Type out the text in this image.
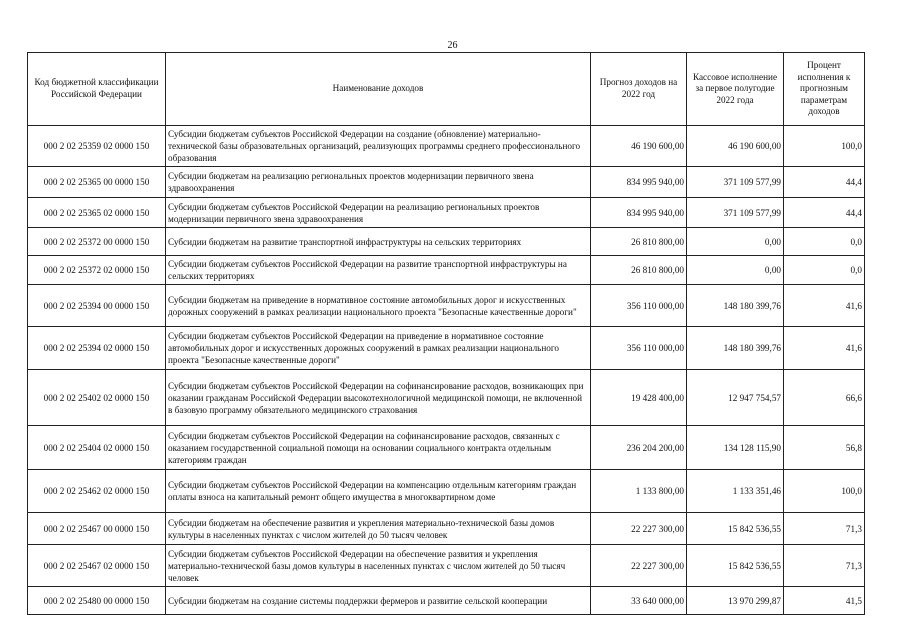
26
Код бюджетной классификации Российской Федерации	Наименование доходов	Прогноз доходов на 2022 год	Кассовое исполнение за первое полугодие 2022 года	Процент исполнения к прогнозным параметрам доходов
000 2 02 25359 02 0000 150	Субсидии бюджетам субъектов Российской Федерации на создание (обновление) материально-технической базы образовательных организаций, реализующих программы среднего профессионального образования	46 190 600,00	46 190 600,00	100,0
000 2 02 25365 00 0000 150	Субсидии бюджетам на реализацию региональных проектов модернизации первичного звена здравоохранения	834 995 940,00	371 109 577,99	44,4
000 2 02 25365 02 0000 150	Субсидии бюджетам субъектов Российской Федерации на реализацию региональных проектов модернизации первичного звена здравоохранения	834 995 940,00	371 109 577,99	44,4
000 2 02 25372 00 0000 150	Субсидии бюджетам на развитие транспортной инфраструктуры на сельских территориях	26 810 800,00	0,00	0,0
000 2 02 25372 02 0000 150	Субсидии бюджетам субъектов Российской Федерации на развитие транспортной инфраструктуры на сельских территориях	26 810 800,00	0,00	0,0
000 2 02 25394 00 0000 150	Субсидии бюджетам на приведение в нормативное состояние автомобильных дорог и искусственных дорожных сооружений в рамках реализации национального проекта "Безопасные качественные дороги"	356 110 000,00	148 180 399,76	41,6
000 2 02 25394 02 0000 150	Субсидии бюджетам субъектов Российской Федерации на приведение в нормативное состояние автомобильных дорог и искусственных дорожных сооружений в рамках реализации национального проекта "Безопасные качественные дороги"	356 110 000,00	148 180 399,76	41,6
000 2 02 25402 02 0000 150	Субсидии бюджетам субъектов Российской Федерации на софинансирование расходов, возникающих при оказании гражданам Российской Федерации высокотехнологичной медицинской помощи, не включенной в базовую программу обязательного медицинского страхования	19 428 400,00	12 947 754,57	66,6
000 2 02 25404 02 0000 150	Субсидии бюджетам субъектов Российской Федерации на софинансирование расходов, связанных с оказанием государственной социальной помощи на основании социального контракта отдельным категориям граждан	236 204 200,00	134 128 115,90	56,8
000 2 02 25462 02 0000 150	Субсидии бюджетам субъектов Российской Федерации на компенсацию отдельным категориям граждан оплаты взноса на капитальный ремонт общего имущества в многоквартирном доме	1 133 800,00	1 133 351,46	100,0
000 2 02 25467 00 0000 150	Субсидии бюджетам на обеспечение развития и укрепления материально-технической базы домов культуры в населенных пунктах с числом жителей до 50 тысяч человек	22 227 300,00	15 842 536,55	71,3
000 2 02 25467 02 0000 150	Субсидии бюджетам субъектов Российской Федерации на обеспечение развития и укрепления материально-технической базы домов культуры в населенных пунктах с числом жителей до 50 тысяч человек	22 227 300,00	15 842 536,55	71,3
000 2 02 25480 00 0000 150	Субсидии бюджетам на создание системы поддержки фермеров и развитие сельской кооперации	33 640 000,00	13 970 299,87	41,5
